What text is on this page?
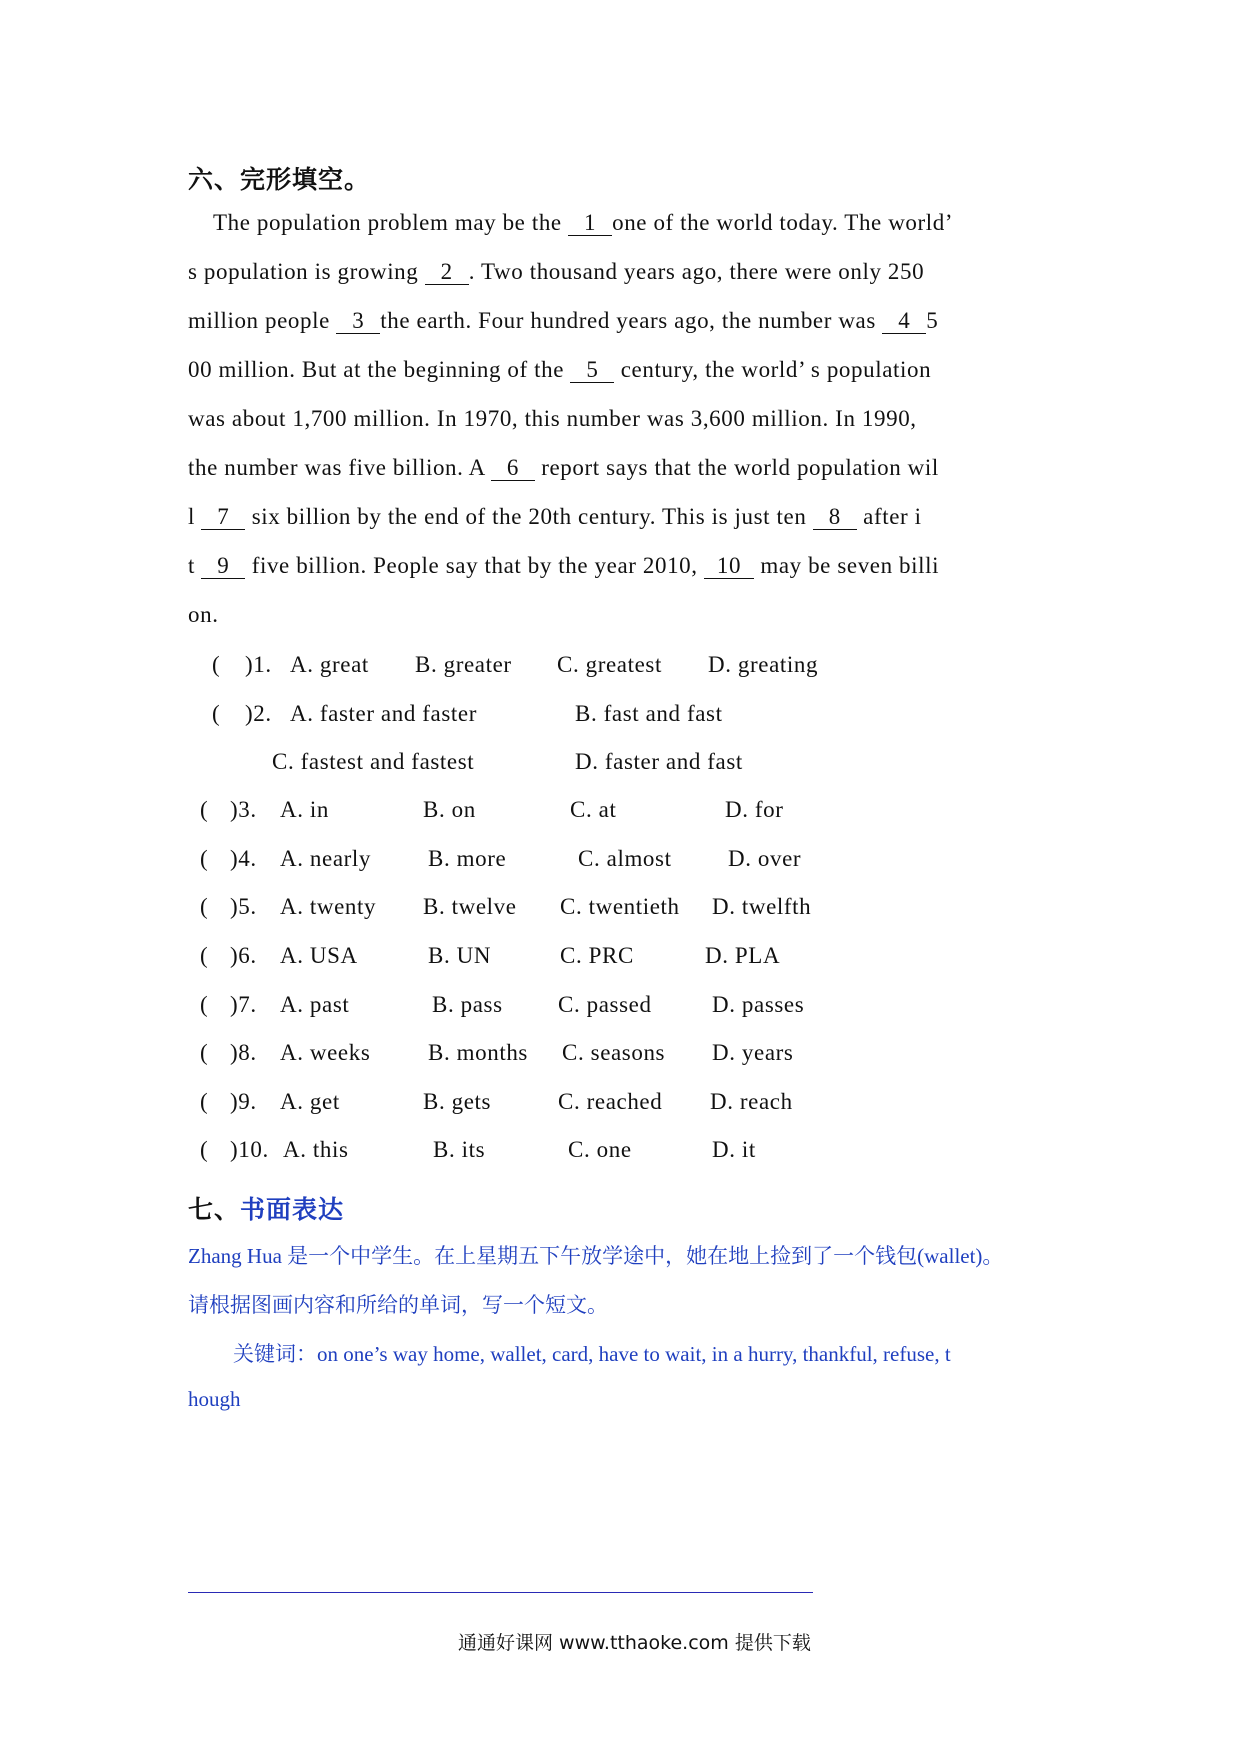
六、完形填空。
The population problem may be the 1 one of the world today. The world’
s population is growing 2 . Two thousand years ago, there were only 250
million people 3 the earth. Four hundred years ago, the number was 4 5
00 million. But at the beginning of the 5 century, the world’ s population
was about 1,700 million. In 1970, this number was 3,600 million. In 1990,
the number was five billion. A 6 report says that the world population wil
l 7 six billion by the end of the 20th century. This is just ten 8 after i
t 9 five billion. People say that by the year 2010, 10 may be seven billi
on.
( )1. A. great B. greater C. greatest D. greating
( )2. A. faster and faster	B. fast and fast
C. fastest and fastest	D. faster and fast
( )3. A. in	B. on	C. at	D. for
( )4. A. nearly B. more	C. almost D. over
( )5. A. twenty B. twelve C. twentieth D. twelfth
( )6. A. USA	B. UN	C. PRC	D. PLA
( )7. A. past	B. pass C. passed	D. passes
( )8. A. weeks	B. months C. seasons D. years
( )9. A. get	B. gets	C. reached D. reach
( )10. A. this	B. its	C. one	D. it
七、书面表达
Zhang Hua 是一个中学生。在上星期五下午放学途中，她在地上捡到了一个钱包(wallet)。
请根据图画内容和所给的单词，写一个短文。
关键词：on one’s way home, wallet, card, have to wait, in a hurry, thankful, refuse, t
hough
通通好课网 www.tthaoke.com 提供下载
